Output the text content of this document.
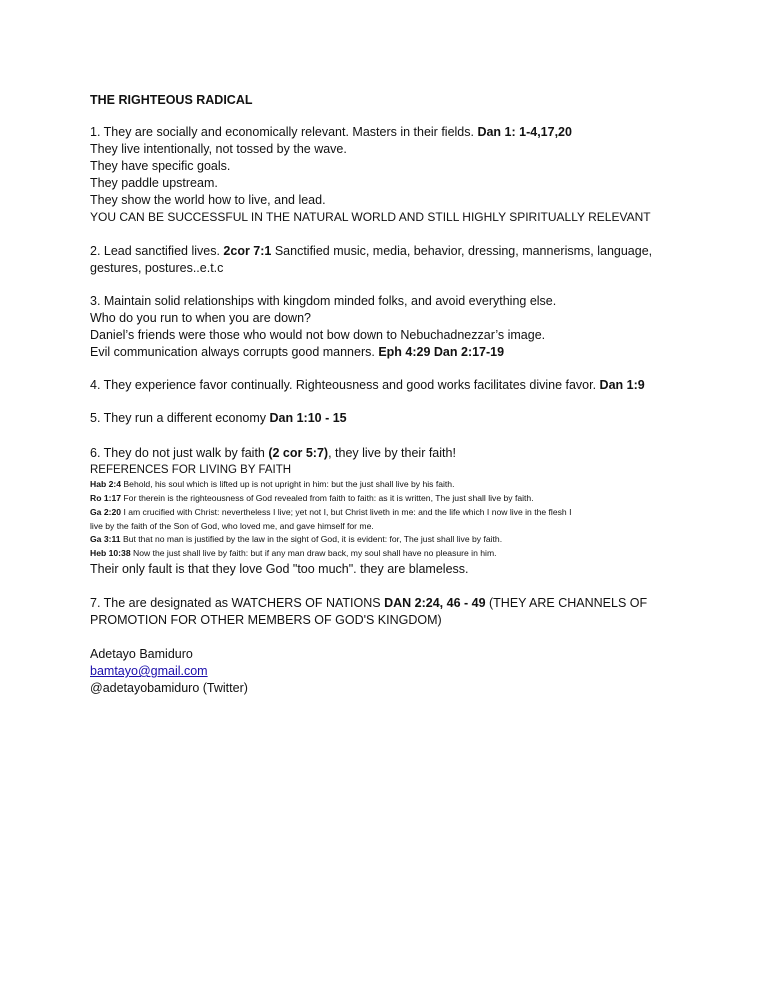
THE RIGHTEOUS RADICAL
1. They are socially and economically relevant. Masters in their fields. Dan 1: 1-4,17,20
They live intentionally, not tossed by the wave.
They have specific goals.
They paddle upstream.
They show the world how to live, and lead.
YOU CAN BE SUCCESSFUL IN THE NATURAL WORLD AND STILL HIGHLY SPIRITUALLY RELEVANT
2. Lead sanctified lives. 2cor 7:1 Sanctified music, media, behavior, dressing, mannerisms, language,
gestures, postures..e.t.c
3. Maintain solid relationships with kingdom minded folks, and avoid everything else.
Who do you run to when you are down?
Daniel’s friends were those who would not bow down to Nebuchadnezzar’s image.
Evil communication always corrupts good manners. Eph 4:29 Dan 2:17-19
4. They experience favor continually. Righteousness and good works facilitates divine favor. Dan 1:9
5. They run a different economy Dan 1:10 - 15
6. They do not just walk by faith (2 cor 5:7), they live by their faith!
REFERENCES FOR LIVING BY FAITH
Hab 2:4 Behold, his soul which is lifted up is not upright in him: but the just shall live by his faith.
Ro 1:17 For therein is the righteousness of God revealed from faith to faith: as it is written, The just shall live by faith.
Ga 2:20 I am crucified with Christ: nevertheless I live; yet not I, but Christ liveth in me: and the life which I now live in the flesh I
live by the faith of the Son of God, who loved me, and gave himself for me.
Ga 3:11 But that no man is justified by the law in the sight of God, it is evident: for, The just shall live by faith.
Heb 10:38 Now the just shall live by faith: but if any man draw back, my soul shall have no pleasure in him.
Their only fault is that they love God "too much". they are blameless.
7. The are designated as WATCHERS OF NATIONS DAN 2:24, 46 - 49 (THEY ARE CHANNELS OF
PROMOTION FOR OTHER MEMBERS OF GOD'S KINGDOM)
Adetayo Bamiduro
bamtayo@gmail.com
@adetayobamiduro (Twitter)
